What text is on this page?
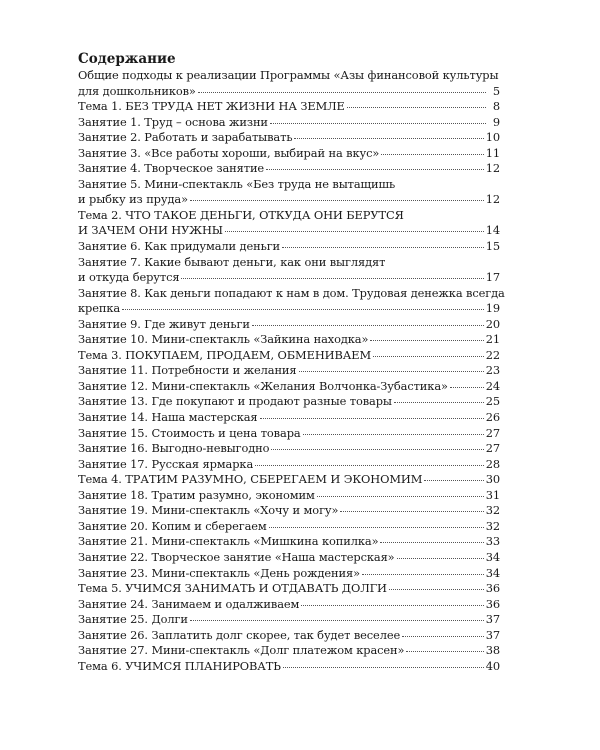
Содержание
Общие подходы к реализации Программы «Азы финансовой культуры
для дошкольников»	5
Тема 1. БЕЗ ТРУДА НЕТ ЖИЗНИ НА ЗЕМЛЕ	8
Занятие 1. Труд – основа жизни	9
Занятие 2. Работать и зарабатывать	10
Занятие 3. «Все работы хороши, выбирай на вкус»	11
Занятие 4. Творческое занятие	12
Занятие 5. Мини-спектакль «Без труда не вытащишь
и рыбку из пруда»	12
Тема 2. ЧТО ТАКОЕ ДЕНЬГИ, ОТКУДА ОНИ БЕРУТСЯ
И ЗАЧЕМ ОНИ НУЖНЫ	14
Занятие 6. Как придумали деньги	15
Занятие 7. Какие бывают деньги, как они выглядят
и откуда берутся	17
Занятие 8. Как деньги попадают к нам в дом. Трудовая денежка всегда
крепка	19
Занятие 9. Где живут деньги	20
Занятие 10. Мини-спектакль «Зайкина находка»	21
Тема 3. ПОКУПАЕМ, ПРОДАЕМ, ОБМЕНИВАЕМ	22
Занятие 11. Потребности и желания	23
Занятие 12. Мини-спектакль «Желания Волчонка-Зубастика»	24
Занятие 13. Где покупают и продают разные товары	25
Занятие 14. Наша мастерская	26
Занятие 15. Стоимость и цена товара	27
Занятие 16. Выгодно-невыгодно	27
Занятие 17. Русская ярмарка	28
Тема 4. ТРАТИМ РАЗУМНО, СБЕРЕГАЕМ И ЭКОНОМИМ	30
Занятие 18. Тратим разумно, экономим	31
Занятие 19. Мини-спектакль «Хочу и могу»	32
Занятие 20. Копим и сберегаем	32
Занятие 21. Мини-спектакль «Мишкина копилка»	33
Занятие 22. Творческое занятие «Наша мастерская»	34
Занятие 23. Мини-спектакль «День рождения»	34
Тема 5. УЧИМСЯ ЗАНИМАТЬ И ОТДАВАТЬ ДОЛГИ	36
Занятие 24. Занимаем и одалживаем	36
Занятие 25. Долги	37
Занятие 26. Заплатить долг скорее, так будет веселее	37
Занятие 27. Мини-спектакль «Долг платежом красен»	38
Тема 6. УЧИМСЯ ПЛАНИРОВАТЬ	40
